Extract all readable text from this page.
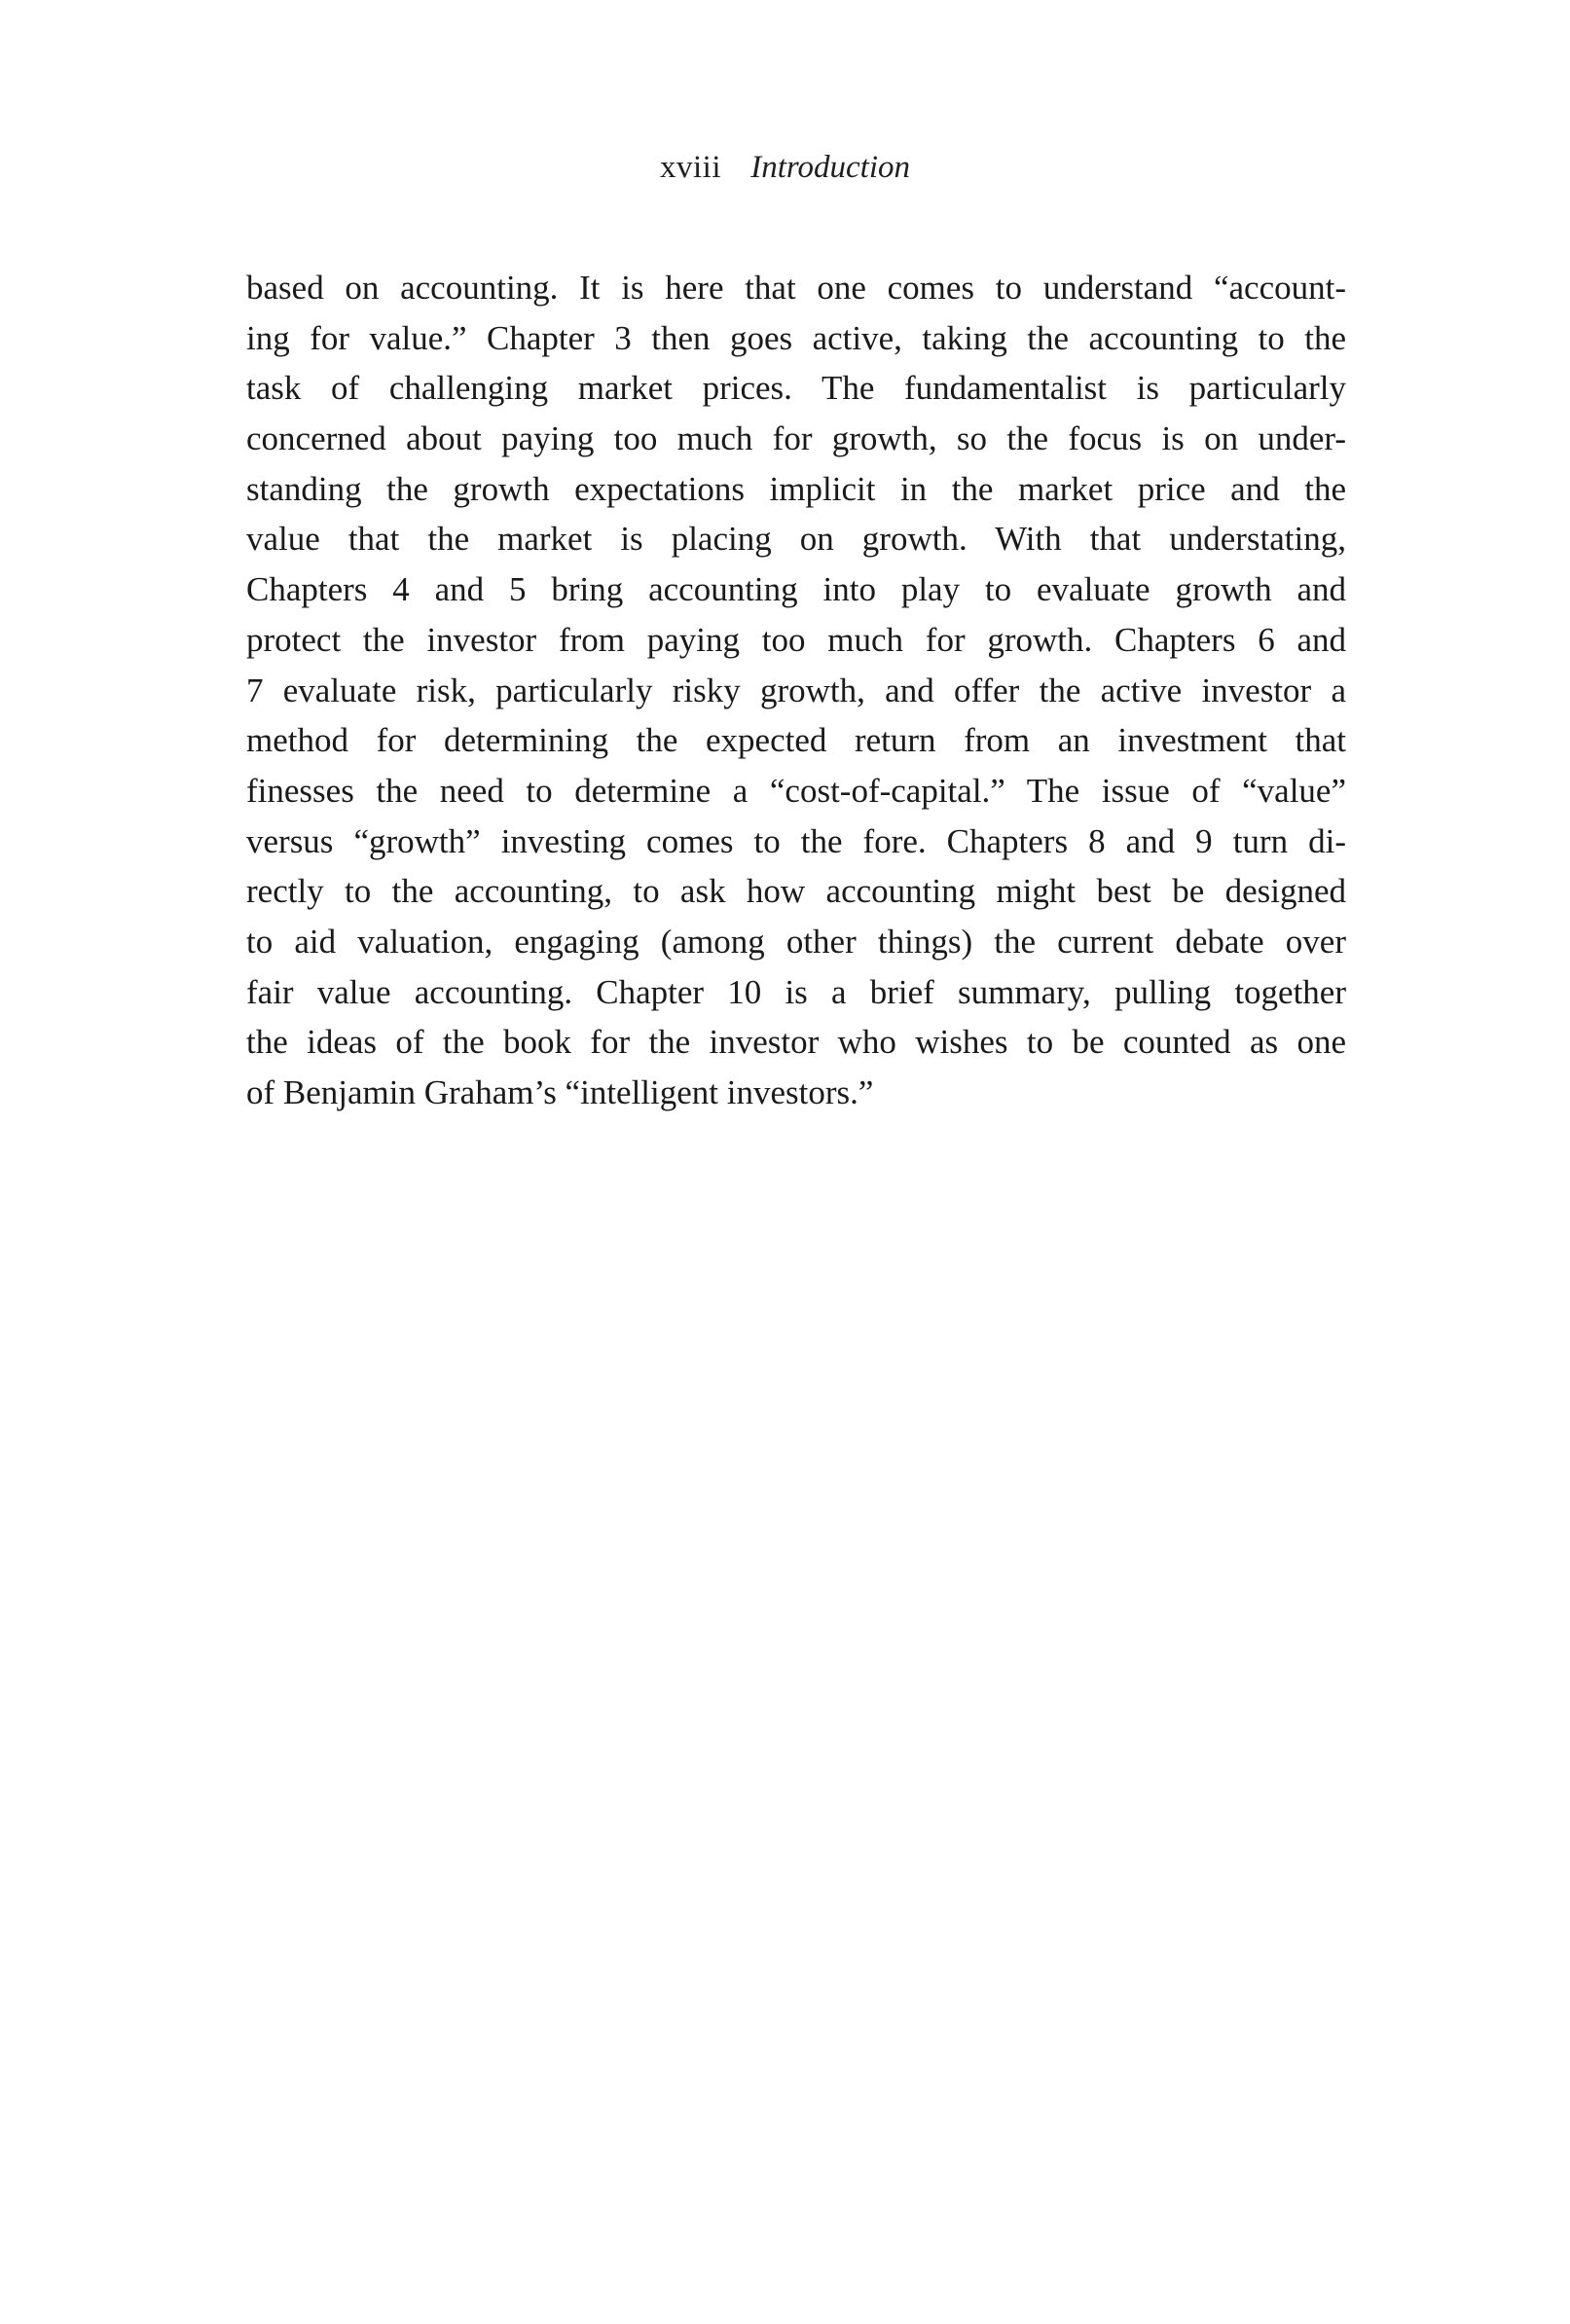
xviii Introduction

based on accounting. It is here that one comes to understand “account-
ing for value.” Chapter 3 then goes active, taking the accounting to the
task of challenging market prices. The fundamentalist is particularly
concerned about paying too much for growth, so the focus is on under-
standing the growth expectations implicit in the market price and the
value that the market is placing on growth. With that understating,
Chapters 4 and 5 bring accounting into play to evaluate growth and
protect the investor from paying too much for growth. Chapters 6 and
7 evaluate risk, particularly risky growth, and offer the active investor a
method for determining the expected return from an investment that
finesses the need to determine a “cost-of-capital.” The issue of “value”
versus “growth” investing comes to the fore. Chapters 8 and 9 turn di-
rectly to the accounting, to ask how accounting might best be designed
to aid valuation, engaging (among other things) the current debate over
fair value accounting. Chapter 10 is a brief summary, pulling together
the ideas of the book for the investor who wishes to be counted as one
of Benjamin Graham’s “intelligent investors.”
